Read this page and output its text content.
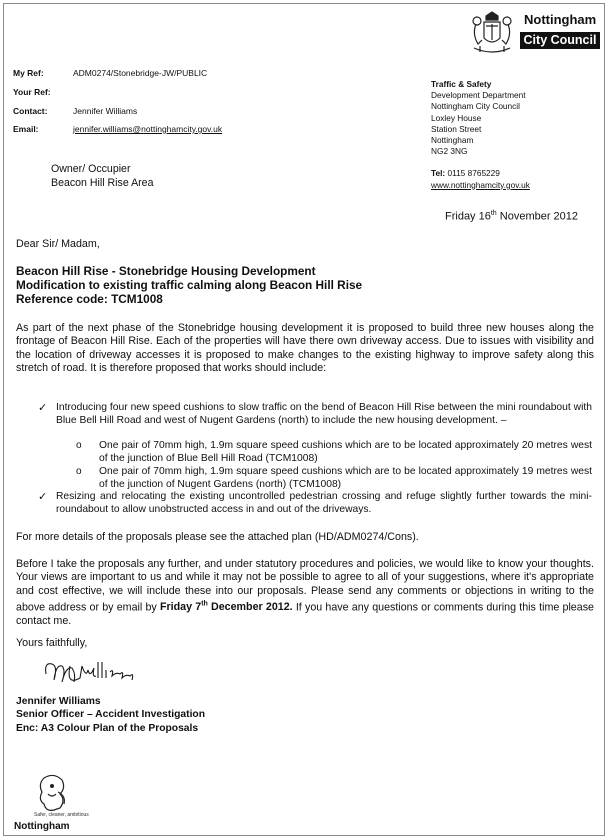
Nottingham
City Council
My Ref:	ADM0274/Stonebridge-JW/PUBLIC
Your Ref:
Contact:	Jennifer Williams
Email:	jennifer.williams@nottinghamcity.gov.uk
Traffic & Safety
Development Department
Nottingham City Council
Loxley House
Station Street
Nottingham
NG2 3NG
Tel: 0115 8765229
www.nottinghamcity.gov.uk
Owner/ Occupier
Beacon Hill Rise Area
Friday 16th November 2012
Dear Sir/ Madam,
Beacon Hill Rise - Stonebridge Housing Development
Modification to existing traffic calming along Beacon Hill Rise
Reference code: TCM1008
As part of the next phase of the Stonebridge housing development it is proposed to build three new houses along the frontage of Beacon Hill Rise. Each of the properties will have there own driveway access. Due to issues with visibility and the location of driveway accesses it is proposed to make changes to the existing highway to improve safety along this stretch of road. It is therefore proposed that works should include:
✓ Introducing four new speed cushions to slow traffic on the bend of Beacon Hill Rise between the mini roundabout with Blue Bell Hill Road and west of Nugent Gardens (north) to include the new housing development. –
o One pair of 70mm high, 1.9m square speed cushions which are to be located approximately 20 metres west of the junction of Blue Bell Hill Road (TCM1008)
o One pair of 70mm high, 1.9m square speed cushions which are to be located approximately 19 metres west of the junction of Nugent Gardens (north) (TCM1008)
✓ Resizing and relocating the existing uncontrolled pedestrian crossing and refuge slightly further towards the mini-roundabout to allow unobstructed access in and out of the driveways.
For more details of the proposals please see the attached plan (HD/ADM0274/Cons).
Before I take the proposals any further, and under statutory procedures and policies, we would like to know your thoughts. Your views are important to us and while it may not be possible to agree to all of your suggestions, where it's appropriate and cost effective, we will include these into our proposals. Please send any comments or objections in writing to the above address or by email by Friday 7th December 2012. If you have any questions or comments during this time please contact me.
Yours faithfully,
Jennifer Williams
Senior Officer – Accident Investigation
Enc: A3 Colour Plan of the Proposals
Safer, cleaner, ambitious
Nottingham
